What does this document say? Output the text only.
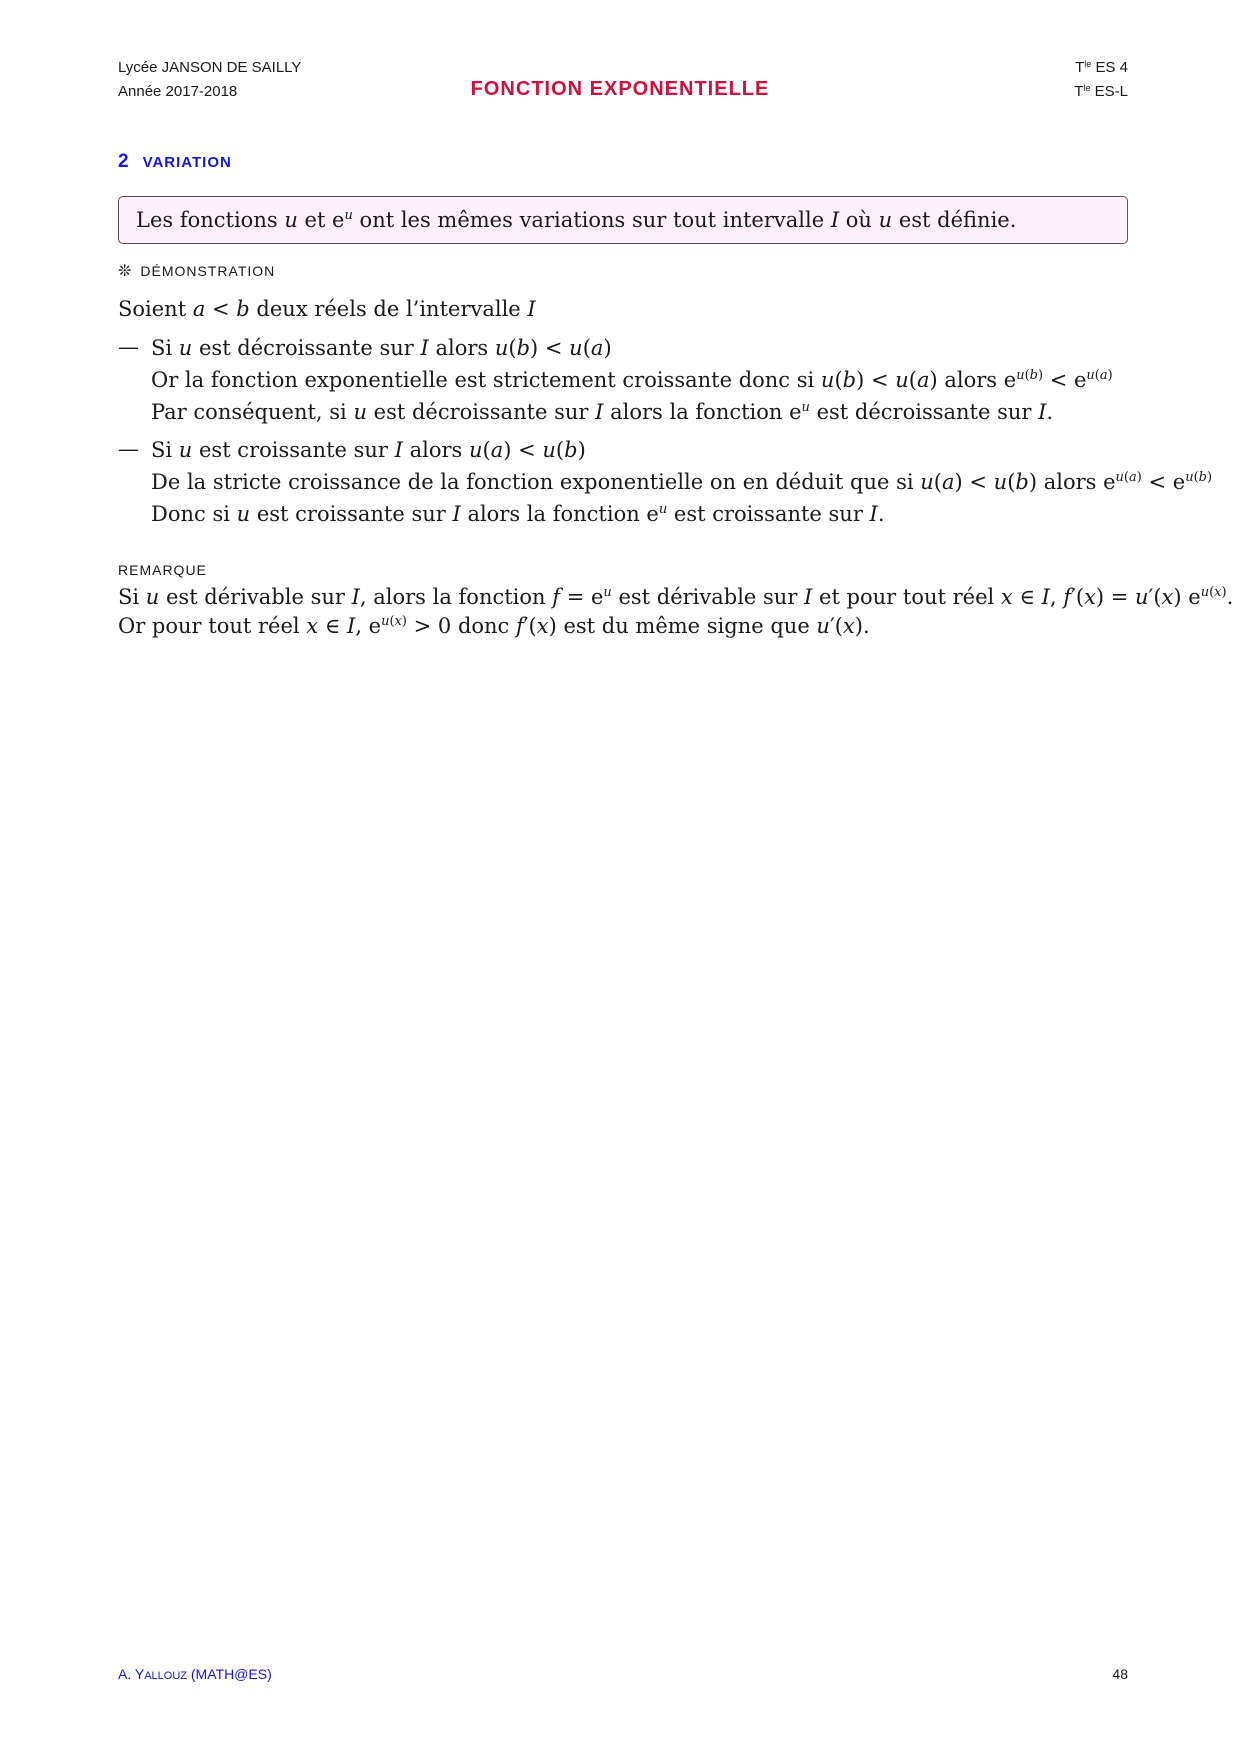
Lycée JANSON DE SAILLY
Année 2017-2018	FONCTION EXPONENTIELLE
$T^{le}$ ES 4
$T^{le}$ ES-L
2 VARIATION
Les fonctions u et $e^u$ ont les mêmes variations sur tout intervalle I où u est définie.
❊ DÉMONSTRATION
Soient a < b deux réels de l’intervalle I
— Si u est décroissante sur I alors u(b) < u(a)
Or la fonction exponentielle est strictement croissante donc si u(b) < u(a) alors $e^{u(b)} < e^{u(a)}$
Par conséquent, si u est décroissante sur I alors la fonction $e^u$ est décroissante sur I.
— Si u est croissante sur I alors u(a) < u(b)
De la stricte croissance de la fonction exponentielle on en déduit que si u(a) < u(b) alors $e^{u(a)} < e^{u(b)}$
Donc si u est croissante sur I alors la fonction $e^u$ est croissante sur I.
REMARQUE
Si u est dérivable sur I, alors la fonction $f = e^u$ est dérivable sur I et pour tout réel x ∈ I, f′(x) = u′(x) $e^{u(x)}$.
Or pour tout réel x ∈ I, $e^{u(x)} > 0$ donc f′(x) est du même signe que u′(x).
A. YALLOUZ (MATH@ES)	48
